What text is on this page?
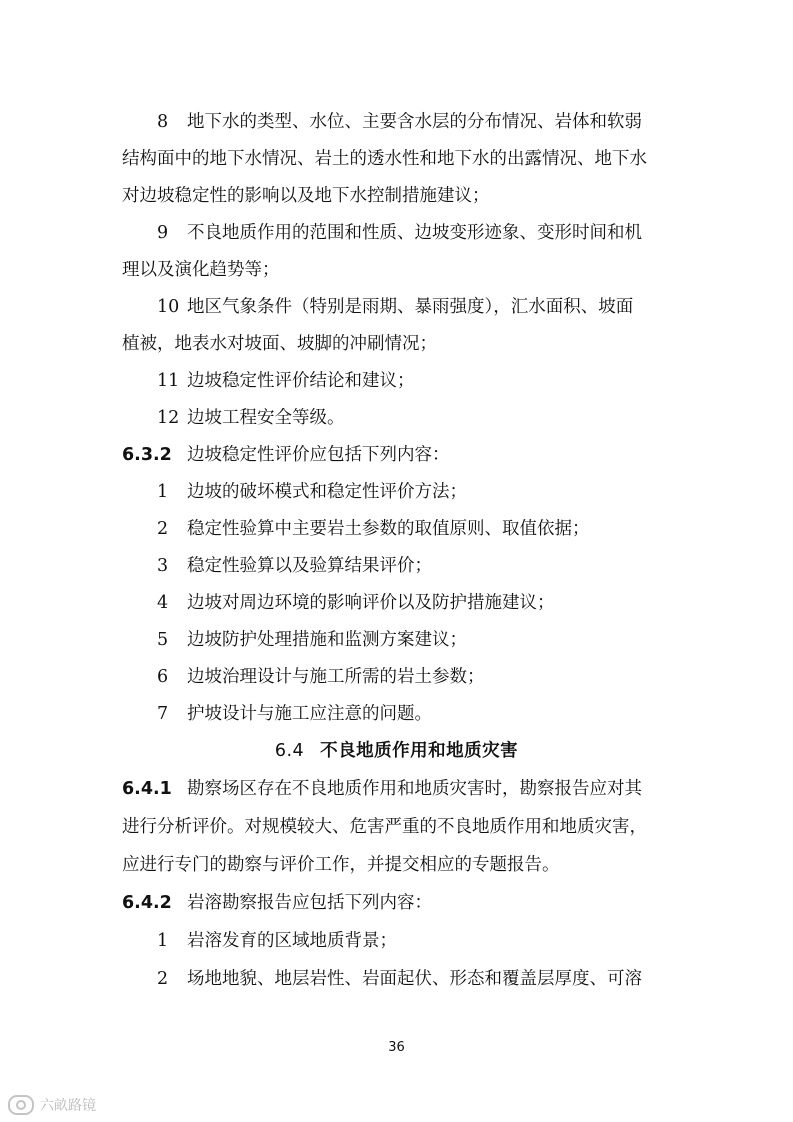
8 地下水的类型、水位、主要含水层的分布情况、岩体和软弱
结构面中的地下水情况、岩土的透水性和地下水的出露情况、地下水
对边坡稳定性的影响以及地下水控制措施建议；
9 不良地质作用的范围和性质、边坡变形迹象、变形时间和机
理以及演化趋势等；
10 地区气象条件（特别是雨期、暴雨强度），汇水面积、坡面
植被，地表水对坡面、坡脚的冲刷情况；
11 边坡稳定性评价结论和建议；
12 边坡工程安全等级。
6.3.2 边坡稳定性评价应包括下列内容：
1 边坡的破坏模式和稳定性评价方法；
2 稳定性验算中主要岩土参数的取值原则、取值依据；
3 稳定性验算以及验算结果评价；
4 边坡对周边环境的影响评价以及防护措施建议；
5 边坡防护处理措施和监测方案建议；
6 边坡治理设计与施工所需的岩土参数；
7 护坡设计与施工应注意的问题。
6.4 不良地质作用和地质灾害
6.4.1 勘察场区存在不良地质作用和地质灾害时，勘察报告应对其
进行分析评价。对规模较大、危害严重的不良地质作用和地质灾害，
应进行专门的勘察与评价工作，并提交相应的专题报告。
6.4.2 岩溶勘察报告应包括下列内容：
1 岩溶发育的区域地质背景；
2 场地地貌、地层岩性、岩面起伏、形态和覆盖层厚度、可溶
36
六畝路镜
